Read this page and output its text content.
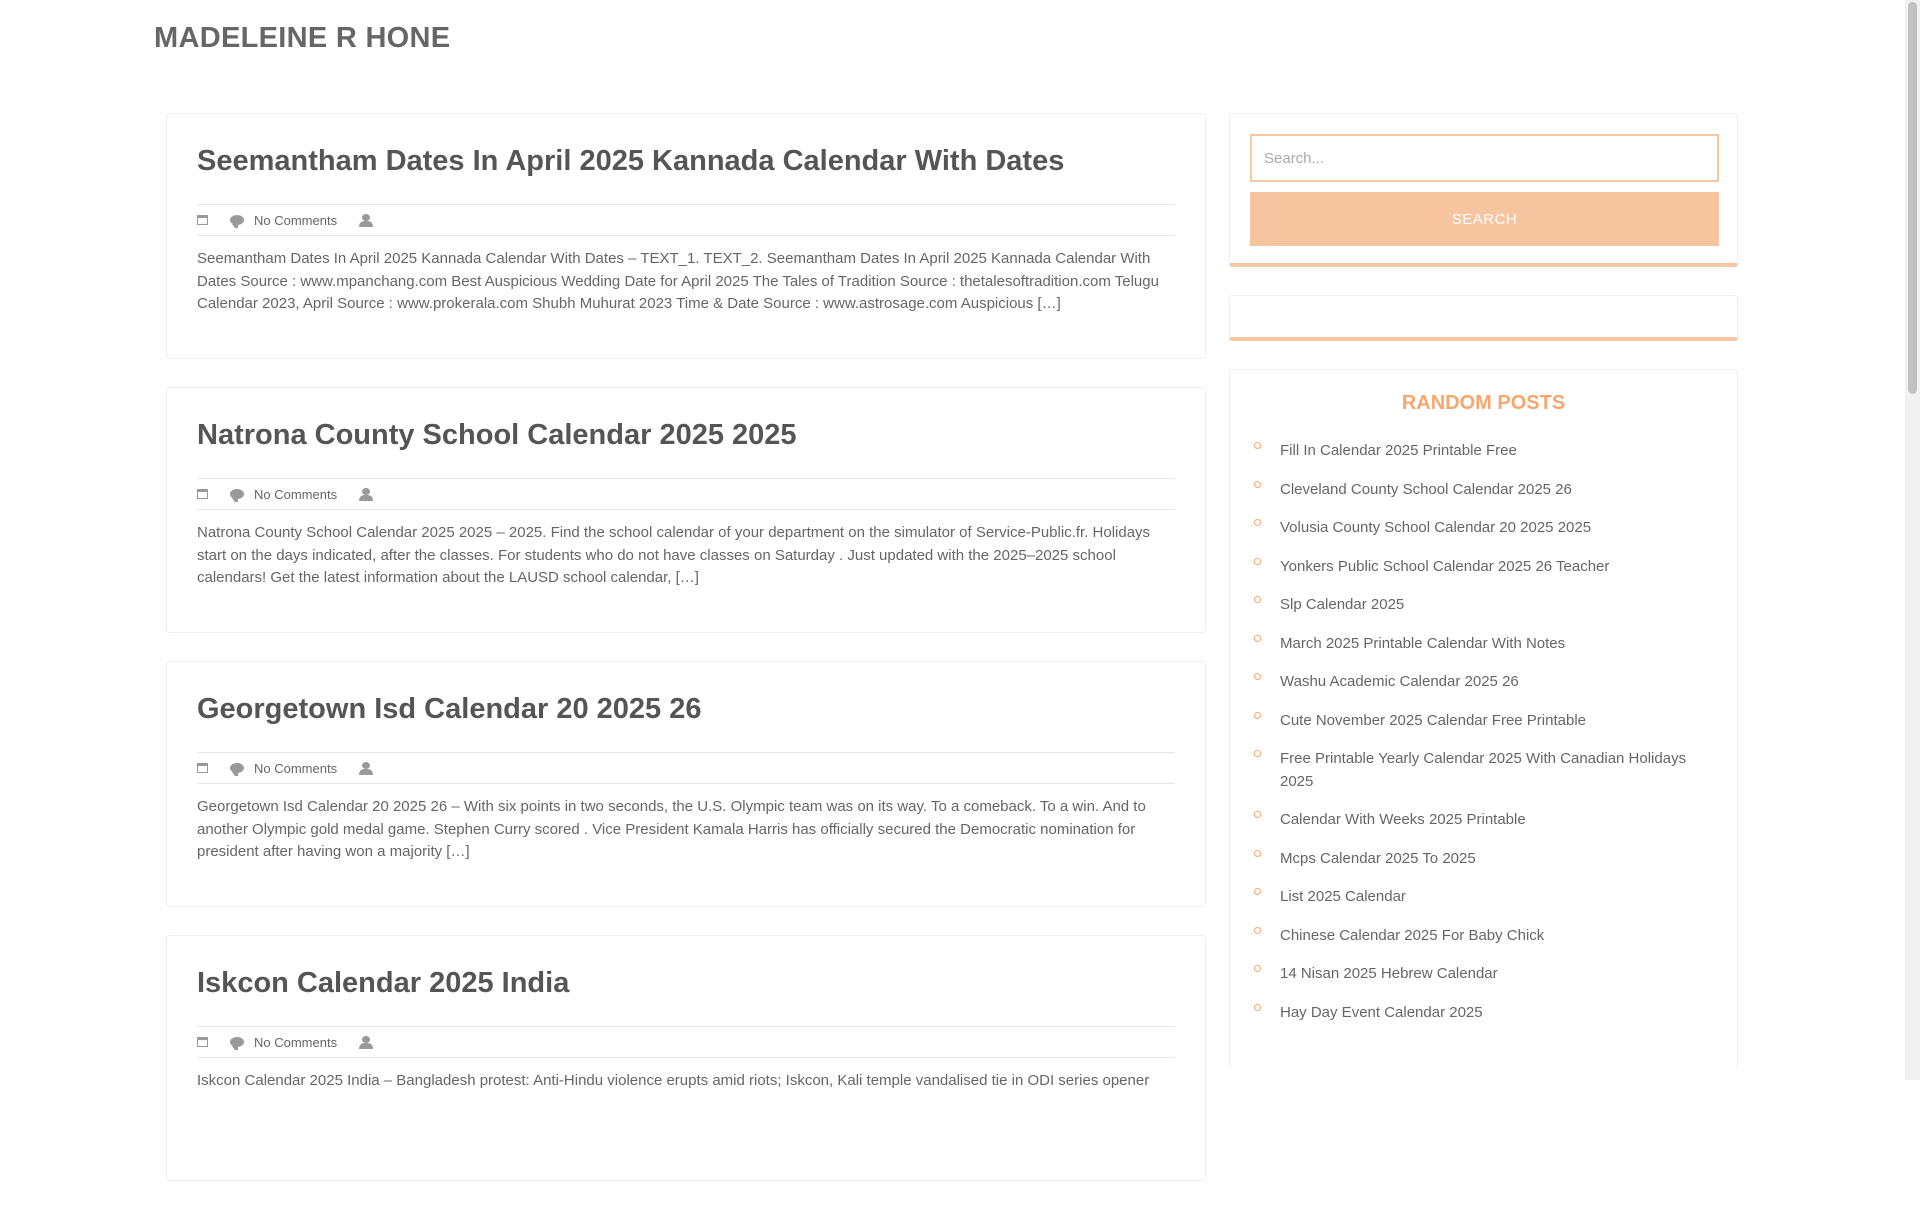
MADELEINE R HONE
Seemantham Dates In April 2025 Kannada Calendar With Dates
No Comments

Seemantham Dates In April 2025 Kannada Calendar With Dates – TEXT_1. TEXT_2. Seemantham Dates In April 2025 Kannada Calendar With Dates Source : www.mpanchang.com Best Auspicious Wedding Date for April 2025 The Tales of Tradition Source : thetalesoftradition.com Telugu Calendar 2023, April Source : www.prokerala.com Shubh Muhurat 2023 Time & Date Source : www.astrosage.com Auspicious […]

Natrona County School Calendar 2025 2025
No Comments

Natrona County School Calendar 2025 2025 – 2025. Find the school calendar of your department on the simulator of Service-Public.fr. Holidays start on the days indicated, after the classes. For students who do not have classes on Saturday . Just updated with the 2025–2025 school calendars! Get the latest information about the LAUSD school calendar, […]

Georgetown Isd Calendar 20 2025 26
No Comments

Georgetown Isd Calendar 20 2025 26 – With six points in two seconds, the U.S. Olympic team was on its way. To a comeback. To a win. And to another Olympic gold medal game. Stephen Curry scored . Vice President Kamala Harris has officially secured the Democratic nomination for president after having won a majority […]

Iskcon Calendar 2025 India
No Comments

Iskcon Calendar 2025 India – Bangladesh protest: Anti-Hindu violence erupts amid riots; Iskcon, Kali temple vandalised tie in ODI series opener

Search...
SEARCH
RANDOM POSTS
Fill In Calendar 2025 Printable Free
Cleveland County School Calendar 2025 26
Volusia County School Calendar 20 2025 2025
Yonkers Public School Calendar 2025 26 Teacher
Slp Calendar 2025
March 2025 Printable Calendar With Notes
Washu Academic Calendar 2025 26
Cute November 2025 Calendar Free Printable
Free Printable Yearly Calendar 2025 With Canadian Holidays 2025
Calendar With Weeks 2025 Printable
Mcps Calendar 2025 To 2025
List 2025 Calendar
Chinese Calendar 2025 For Baby Chick
14 Nisan 2025 Hebrew Calendar
Hay Day Event Calendar 2025
